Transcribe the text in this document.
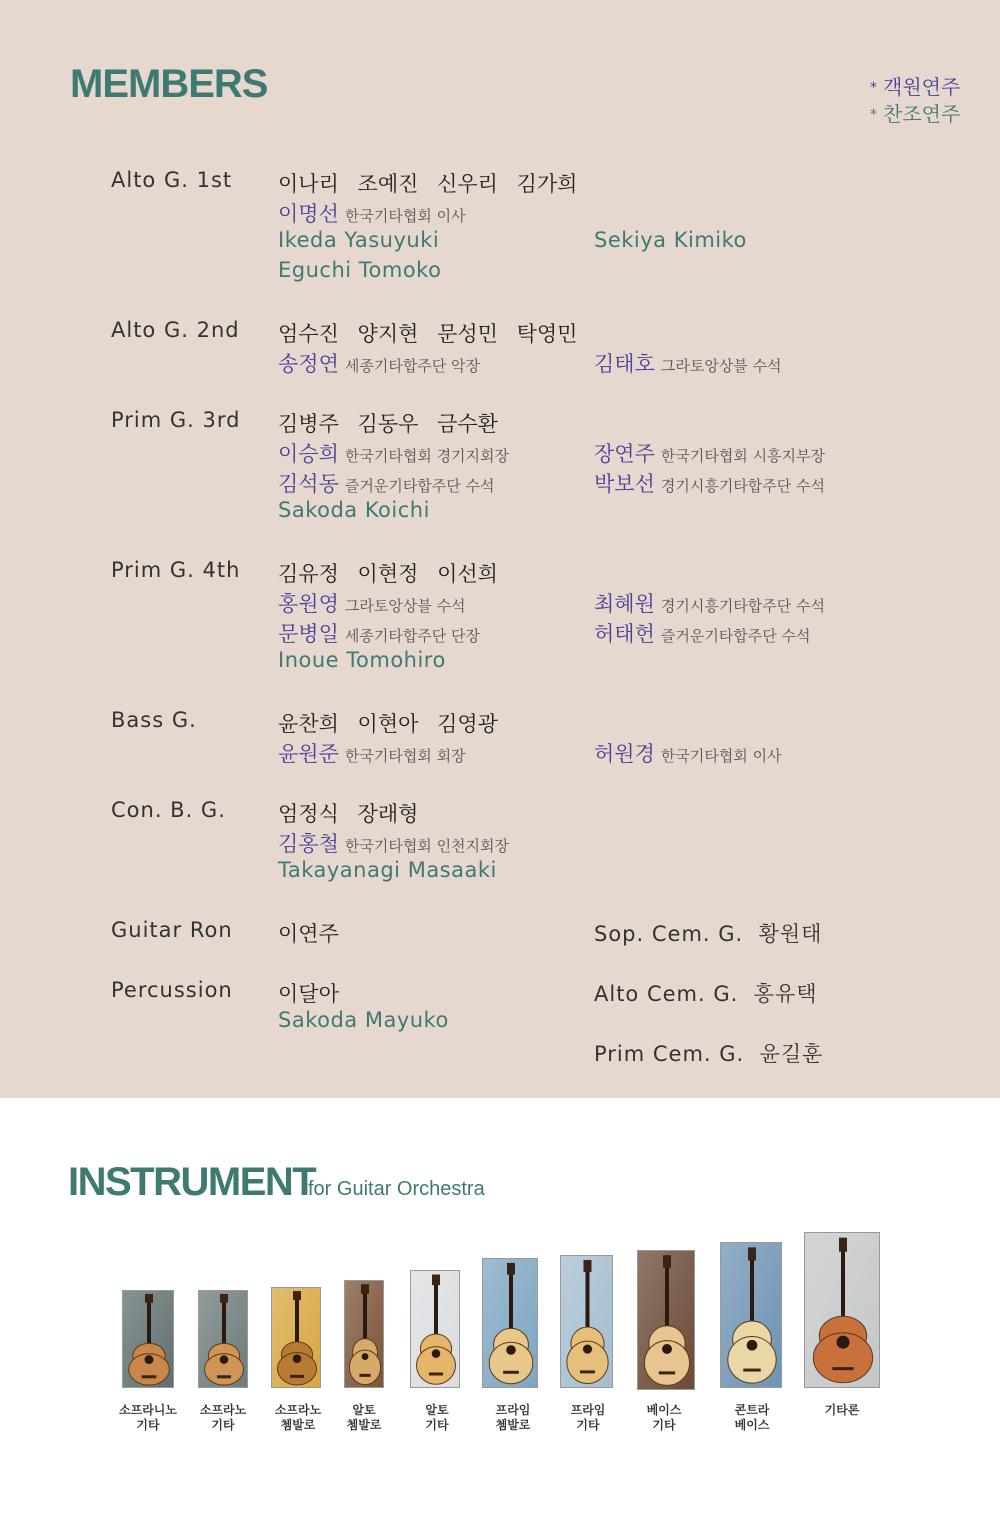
MEMBERS	* 객원연주
* 찬조연주
Alto G. 1st 이나리 조예진 신우리 김가희
이명선 한국기타협회 이사
Ikeda Yasuyuki	Sekiya Kimiko
Eguchi Tomoko
Alto G. 2nd 엄수진 양지현 문성민 탁영민
송정연 세종기타합주단 악장	김태호 그라토앙상블 수석
Prim G. 3rd 김병주 김동우 금수환
이승희 한국기타협회 경기지회장	장연주 한국기타협회 시흥지부장
김석동 즐거운기타합주단 수석	박보선 경기시흥기타합주단 수석
Sakoda Koichi
Prim G. 4th 김유정 이현정 이선희
홍원영 그라토앙상블 수석	최혜원 경기시흥기타합주단 수석
문병일 세종기타합주단 단장	허태헌 즐거운기타합주단 수석
Inoue Tomohiro
Bass G.	윤찬희 이현아 김영광
윤원준 한국기타협회 회장	허원경 한국기타협회 이사
Con. B. G. 엄정식 장래형
김홍철 한국기타협회 인천지회장
Takayanagi Masaaki
Guitar Ron 이연주	Sop. Cem. G. 황원태
Percussion 이달아	Alto Cem. G. 홍유택
Sakoda Mayuko
Prim Cem. G. 윤길훈
INSTRUMENT
for Guitar Orchestra
소프라니노
기타
소프라노
기타
소프라노
쳄발로
알토
쳄발로
알토
기타
프라임
쳄발로
프라임
기타
베이스
기타
콘트라
베이스
기타론
